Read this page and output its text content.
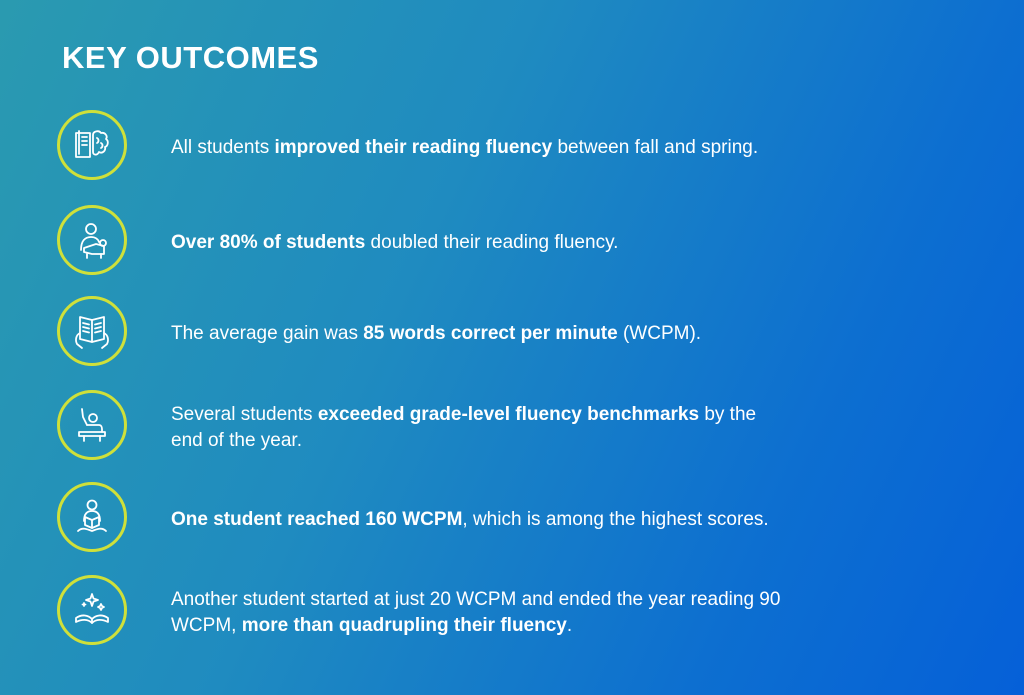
KEY OUTCOMES
All students improved their reading fluency between fall and spring.
Over 80% of students doubled their reading fluency.
The average gain was 85 words correct per minute (WCPM).
Several students exceeded grade-level fluency benchmarks by the end of the year.
One student reached 160 WCPM, which is among the highest scores.
Another student started at just 20 WCPM and ended the year reading 90 WCPM, more than quadrupling their fluency.
